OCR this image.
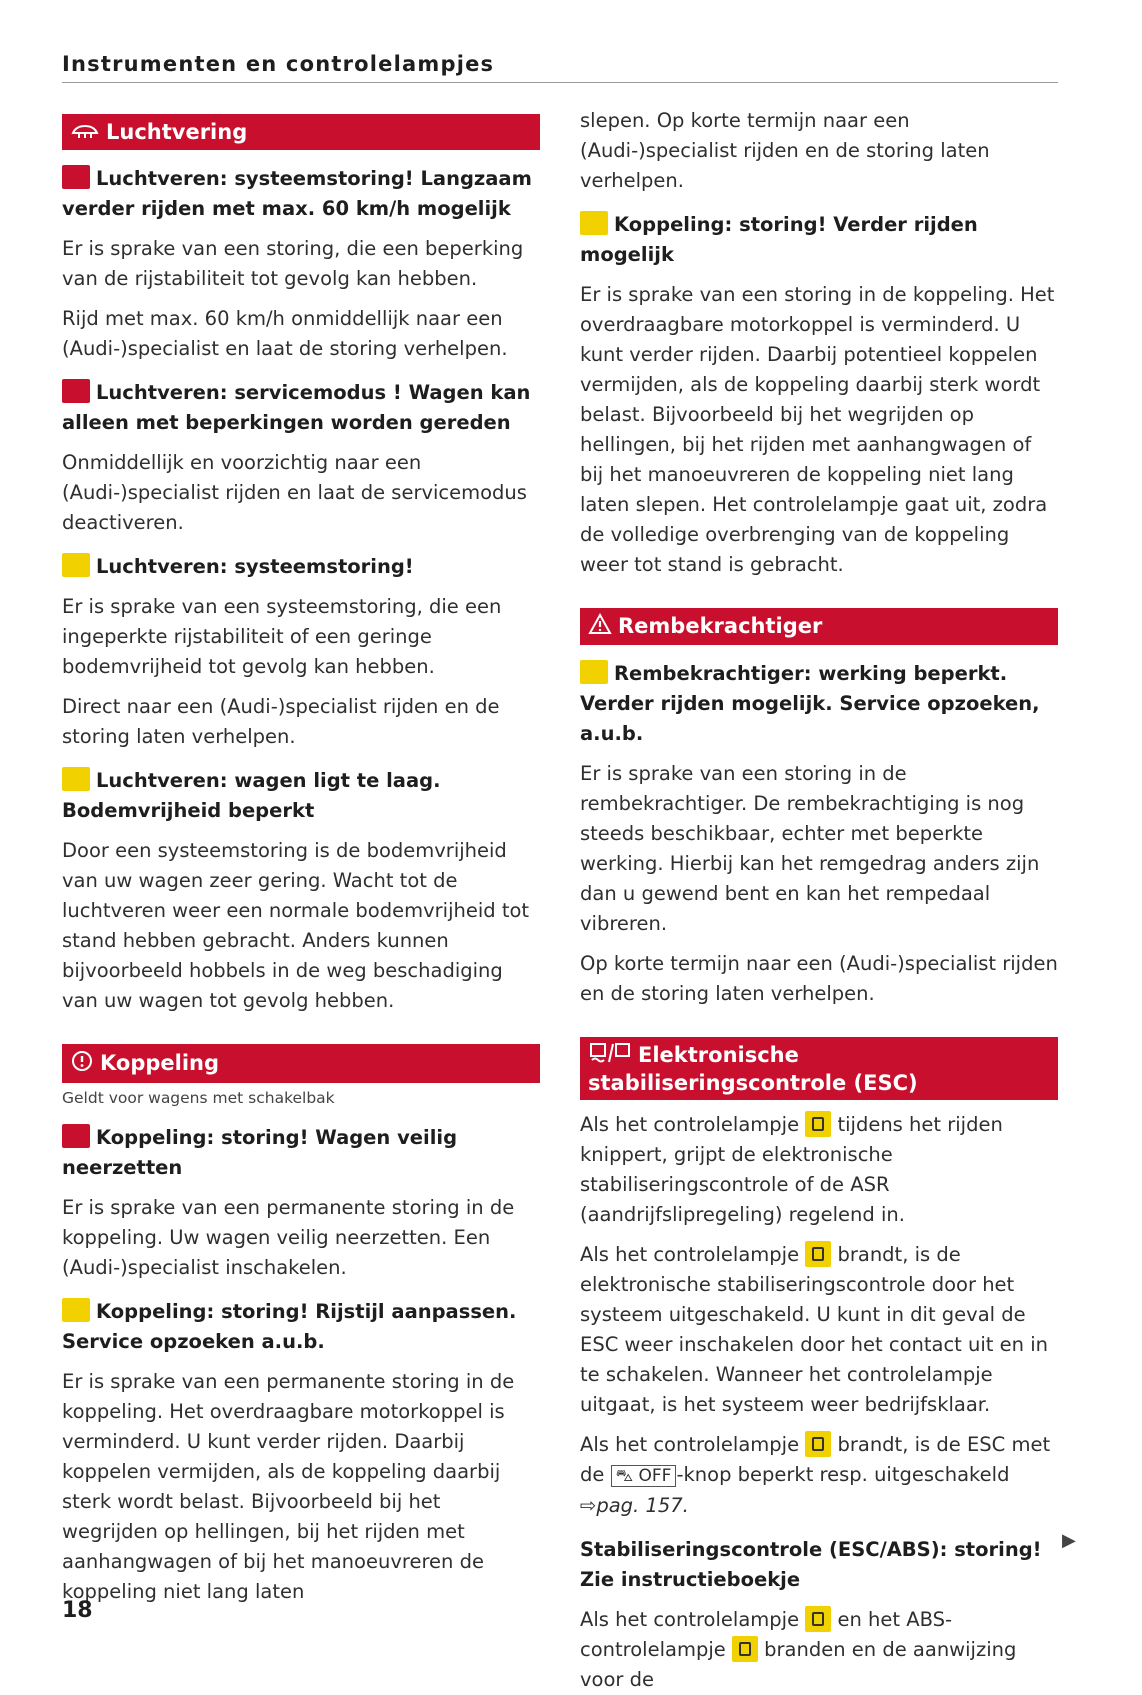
Instrumenten en controlelampjes
Luchtvering
Luchtveren: systeemstoring! Langzaam verder rijden met max. 60 km/h mogelijk
Er is sprake van een storing, die een beperking van de rijstabiliteit tot gevolg kan hebben.
Rijd met max. 60 km/h onmiddellijk naar een (Audi-)specialist en laat de storing verhelpen.
Luchtveren: servicemodus ! Wagen kan alleen met beperkingen worden gereden
Onmiddellijk en voorzichtig naar een (Audi-)specialist rijden en laat de servicemodus deactiveren.
Luchtveren: systeemstoring!
Er is sprake van een systeemstoring, die een ingeperkte rijstabiliteit of een geringe bodemvrijheid tot gevolg kan hebben.
Direct naar een (Audi-)specialist rijden en de storing laten verhelpen.
Luchtveren: wagen ligt te laag. Bodemvrijheid beperkt
Door een systeemstoring is de bodemvrijheid van uw wagen zeer gering. Wacht tot de luchtveren weer een normale bodemvrijheid tot stand hebben gebracht. Anders kunnen bijvoorbeeld hobbels in de weg beschadiging van uw wagen tot gevolg hebben.
Koppeling
Geldt voor wagens met schakelbak
Koppeling: storing! Wagen veilig neerzetten
Er is sprake van een permanente storing in de koppeling. Uw wagen veilig neerzetten. Een (Audi-)specialist inschakelen.
Koppeling: storing! Rijstijl aanpassen. Service opzoeken a.u.b.
Er is sprake van een permanente storing in de koppeling. Het overdraagbare motorkoppel is verminderd. U kunt verder rijden. Daarbij koppelen vermijden, als de koppeling daarbij sterk wordt belast. Bijvoorbeeld bij het wegrijden op hellingen, bij het rijden met aanhangwagen of bij het manoeuvreren de koppeling niet lang laten
slepen. Op korte termijn naar een (Audi-)specialist rijden en de storing laten verhelpen.
Koppeling: storing! Verder rijden mogelijk
Er is sprake van een storing in de koppeling. Het overdraagbare motorkoppel is verminderd. U kunt verder rijden. Daarbij potentieel koppelen vermijden, als de koppeling daarbij sterk wordt belast. Bijvoorbeeld bij het wegrijden op hellingen, bij het rijden met aanhangwagen of bij het manoeuvreren de koppeling niet lang laten slepen. Het controlelampje gaat uit, zodra de volledige overbrenging van de koppeling weer tot stand is gebracht.
Rembekrachtiger
Rembekrachtiger: werking beperkt. Verder rijden mogelijk. Service opzoeken, a.u.b.
Er is sprake van een storing in de rembekrachtiger. De rembekrachtiging is nog steeds beschikbaar, echter met beperkte werking. Hierbij kan het remgedrag anders zijn dan u gewend bent en kan het rempedaal vibreren.
Op korte termijn naar een (Audi-)specialist rijden en de storing laten verhelpen.
Elektronische stabiliseringscontrole (ESC)
Als het controlelampje tijdens het rijden knippert, grijpt de elektronische stabiliseringscontrole of de ASR (aandrijfslipregeling) regelend in.
Als het controlelampje brandt, is de elektronische stabiliseringscontrole door het systeem uitgeschakeld. U kunt in dit geval de ESC weer inschakelen door het contact uit en in te schakelen. Wanneer het controlelampje uitgaat, is het systeem weer bedrijfsklaar.
Als het controlelampje brandt, is de ESC met de ⛍ OFF -knop beperkt resp. uitgeschakeld ⇨pag. 157.
Stabiliseringscontrole (ESC/ABS): storing! Zie instructieboekje
Als het controlelampje en het ABS-controlelampje branden en de aanwijzing voor de
▶
18
